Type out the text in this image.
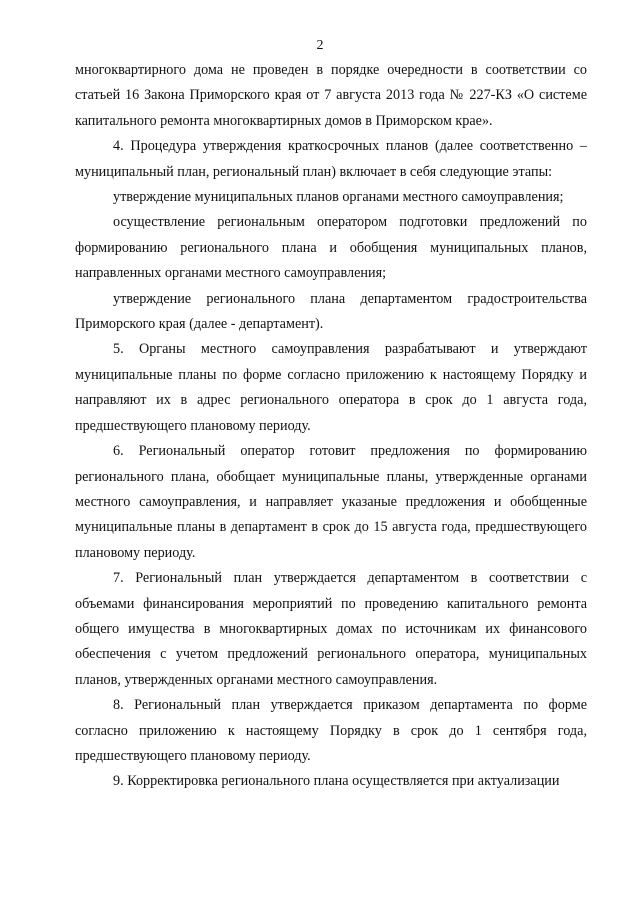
2

многоквартирного дома не проведен в порядке очередности в соответствии со статьей 16 Закона Приморского края от 7 августа 2013 года № 227-КЗ «О системе капитального ремонта многоквартирных домов в Приморском крае».

4. Процедура утверждения краткосрочных планов (далее соответственно – муниципальный план, региональный план) включает в себя следующие этапы:

утверждение муниципальных планов органами местного самоуправления;

осуществление региональным оператором подготовки предложений по формированию регионального плана и обобщения муниципальных планов, направленных органами местного самоуправления;

утверждение регионального плана департаментом градостроительства Приморского края (далее - департамент).

5. Органы местного самоуправления разрабатывают и утверждают муниципальные планы по форме согласно приложению к настоящему Порядку и направляют их в адрес регионального оператора в срок до 1 августа года, предшествующего плановому периоду.

6. Региональный оператор готовит предложения по формированию регионального плана, обобщает муниципальные планы, утвержденные органами местного самоуправления, и направляет указаные предложения и обобщенные муниципальные планы в департамент в срок до 15 августа года, предшествующего плановому периоду.

7. Региональный план утверждается департаментом в соответствии с объемами финансирования мероприятий по проведению капитального ремонта общего имущества в многоквартирных домах по источникам их финансового обеспечения с учетом предложений регионального оператора, муниципальных планов, утвержденных органами местного самоуправления.

8. Региональный план утверждается приказом департамента по форме согласно приложению к настоящему Порядку в срок до 1 сентября года, предшествующего плановому периоду.

9. Корректировка регионального плана осуществляется при актуализации
